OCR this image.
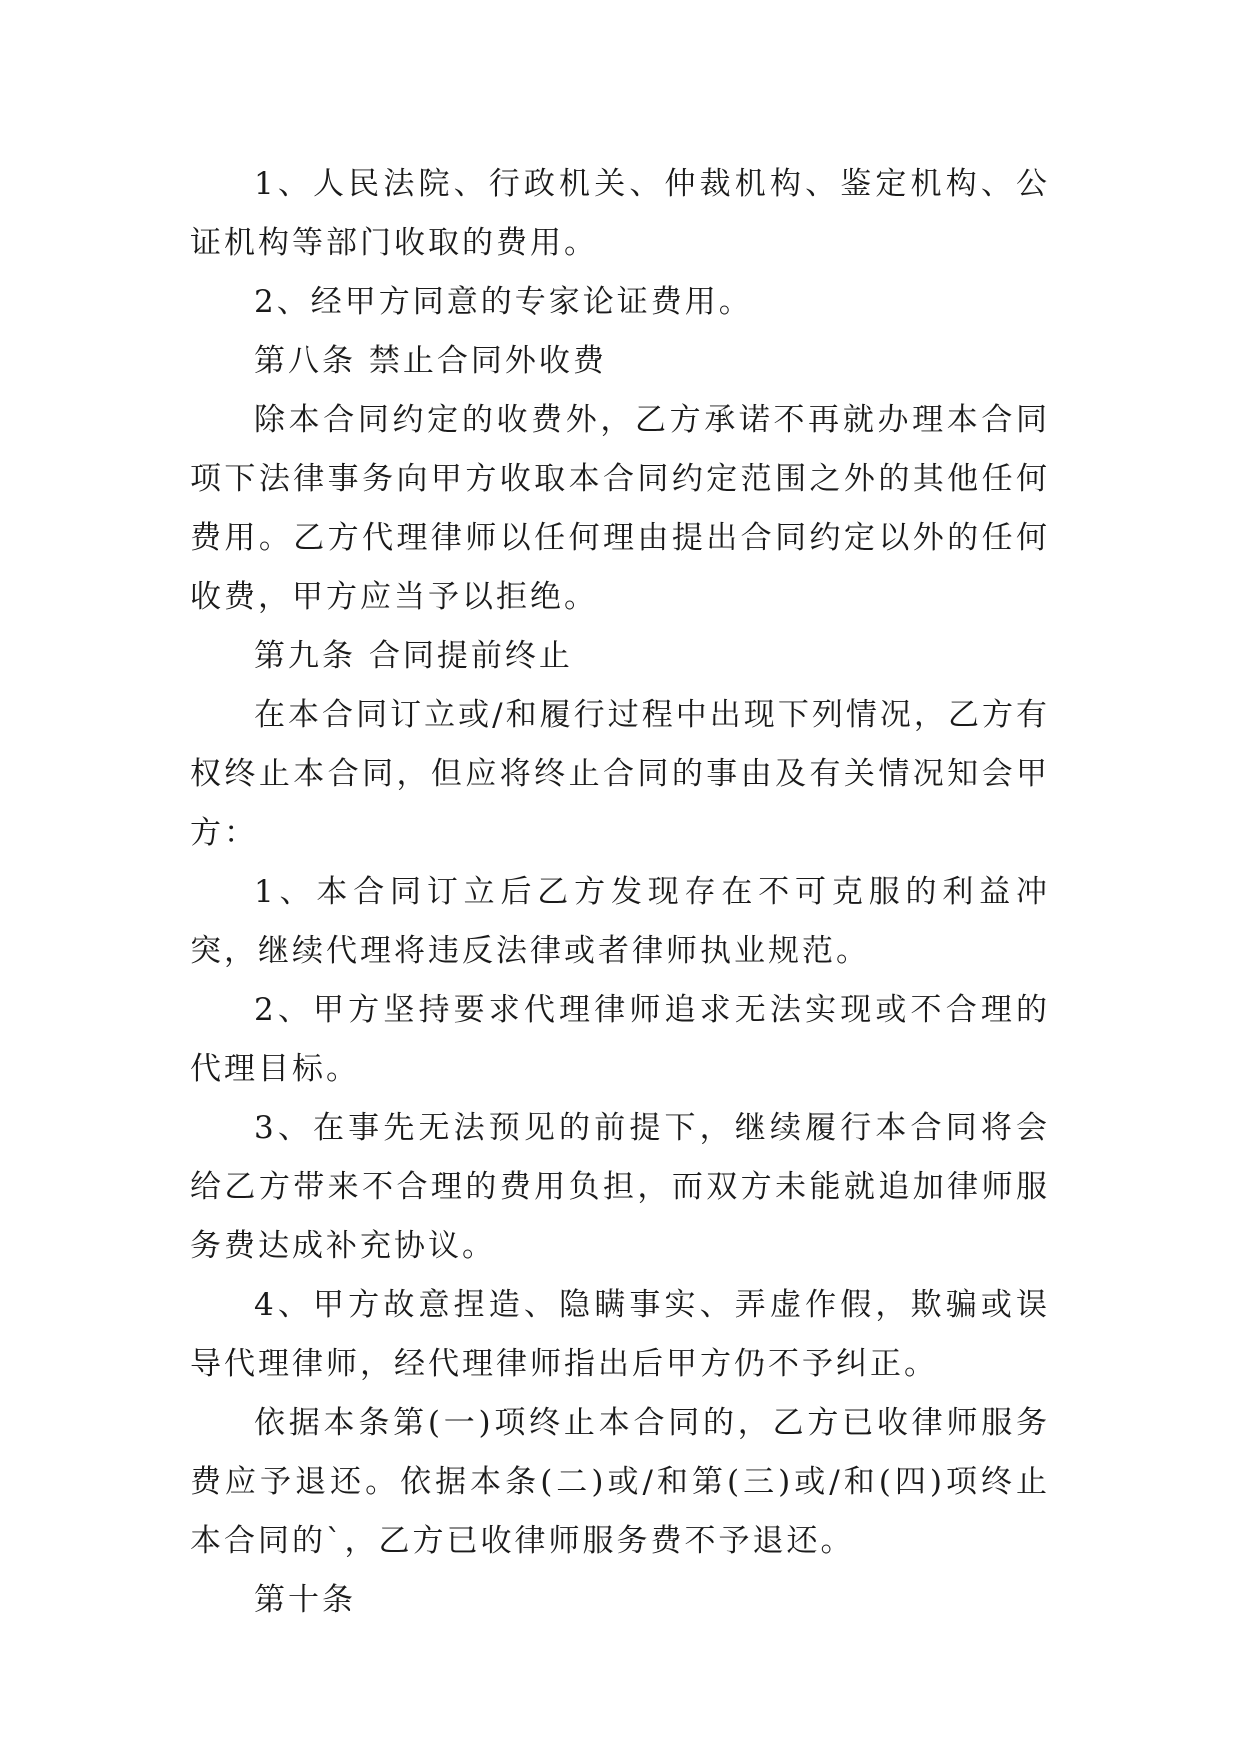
1、人民法院、行政机关、仲裁机构、鉴定机构、公证机构等部门收取的费用。

2、经甲方同意的专家论证费用。

第八条 禁止合同外收费

除本合同约定的收费外，乙方承诺不再就办理本合同项下法律事务向甲方收取本合同约定范围之外的其他任何费用。乙方代理律师以任何理由提出合同约定以外的任何收费，甲方应当予以拒绝。

第九条 合同提前终止

在本合同订立或/和履行过程中出现下列情况，乙方有权终止本合同，但应将终止合同的事由及有关情况知会甲方：

1、本合同订立后乙方发现存在不可克服的利益冲突，继续代理将违反法律或者律师执业规范。

2、甲方坚持要求代理律师追求无法实现或不合理的代理目标。

3、在事先无法预见的前提下，继续履行本合同将会给乙方带来不合理的费用负担，而双方未能就追加律师服务费达成补充协议。

4、甲方故意捏造、隐瞒事实、弄虚作假，欺骗或误导代理律师，经代理律师指出后甲方仍不予纠正。

依据本条第(一)项终止本合同的，乙方已收律师服务费应予退还。依据本条(二)或/和第(三)或/和(四)项终止本合同的`，乙方已收律师服务费不予退还。

第十条
